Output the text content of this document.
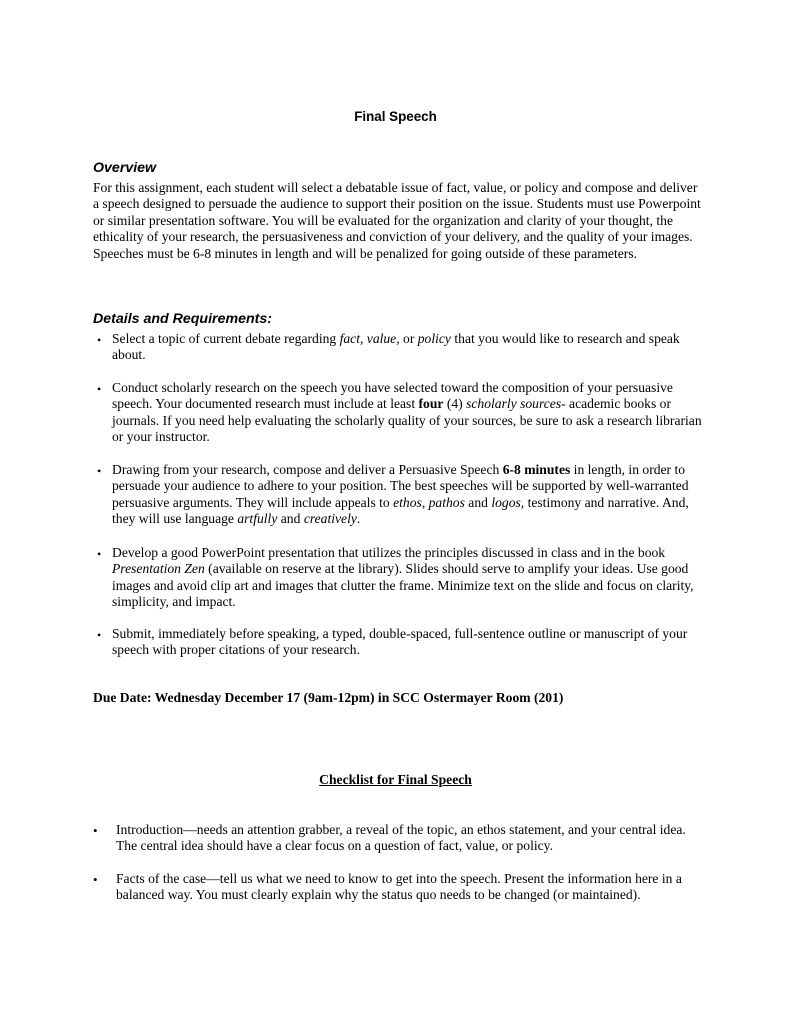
Final Speech
Overview

For this assignment, each student will select a debatable issue of fact, value, or policy and compose and deliver a speech designed to persuade the audience to support their position on the issue. Students must use Powerpoint or similar presentation software. You will be evaluated for the organization and clarity of your thought, the ethicality of your research, the persuasiveness and conviction of your delivery, and the quality of your images. Speeches must be 6-8 minutes in length and will be penalized for going outside of these parameters.

Details and Requirements:
• Select a topic of current debate regarding fact, value, or policy that you would like to research and speak about.

• Conduct scholarly research on the speech you have selected toward the composition of your persuasive speech. Your documented research must include at least four (4) scholarly sources- academic books or journals. If you need help evaluating the scholarly quality of your sources, be sure to ask a research librarian or your instructor.

• Drawing from your research, compose and deliver a Persuasive Speech 6-8 minutes in length, in order to persuade your audience to adhere to your position. The best speeches will be supported by well-warranted persuasive arguments. They will include appeals to ethos, pathos and logos, testimony and narrative. And, they will use language artfully and creatively.

• Develop a good PowerPoint presentation that utilizes the principles discussed in class and in the book Presentation Zen (available on reserve at the library). Slides should serve to amplify your ideas. Use good images and avoid clip art and images that clutter the frame. Minimize text on the slide and focus on clarity, simplicity, and impact.

• Submit, immediately before speaking, a typed, double-spaced, full-sentence outline or manuscript of your speech with proper citations of your research.

Due Date: Wednesday December 17 (9am-12pm) in SCC Ostermayer Room (201)
Checklist for Final Speech
• Introduction—needs an attention grabber, a reveal of the topic, an ethos statement, and your central idea. The central idea should have a clear focus on a question of fact, value, or policy.

• Facts of the case—tell us what we need to know to get into the speech. Present the information here in a balanced way. You must clearly explain why the status quo needs to be changed (or maintained).
